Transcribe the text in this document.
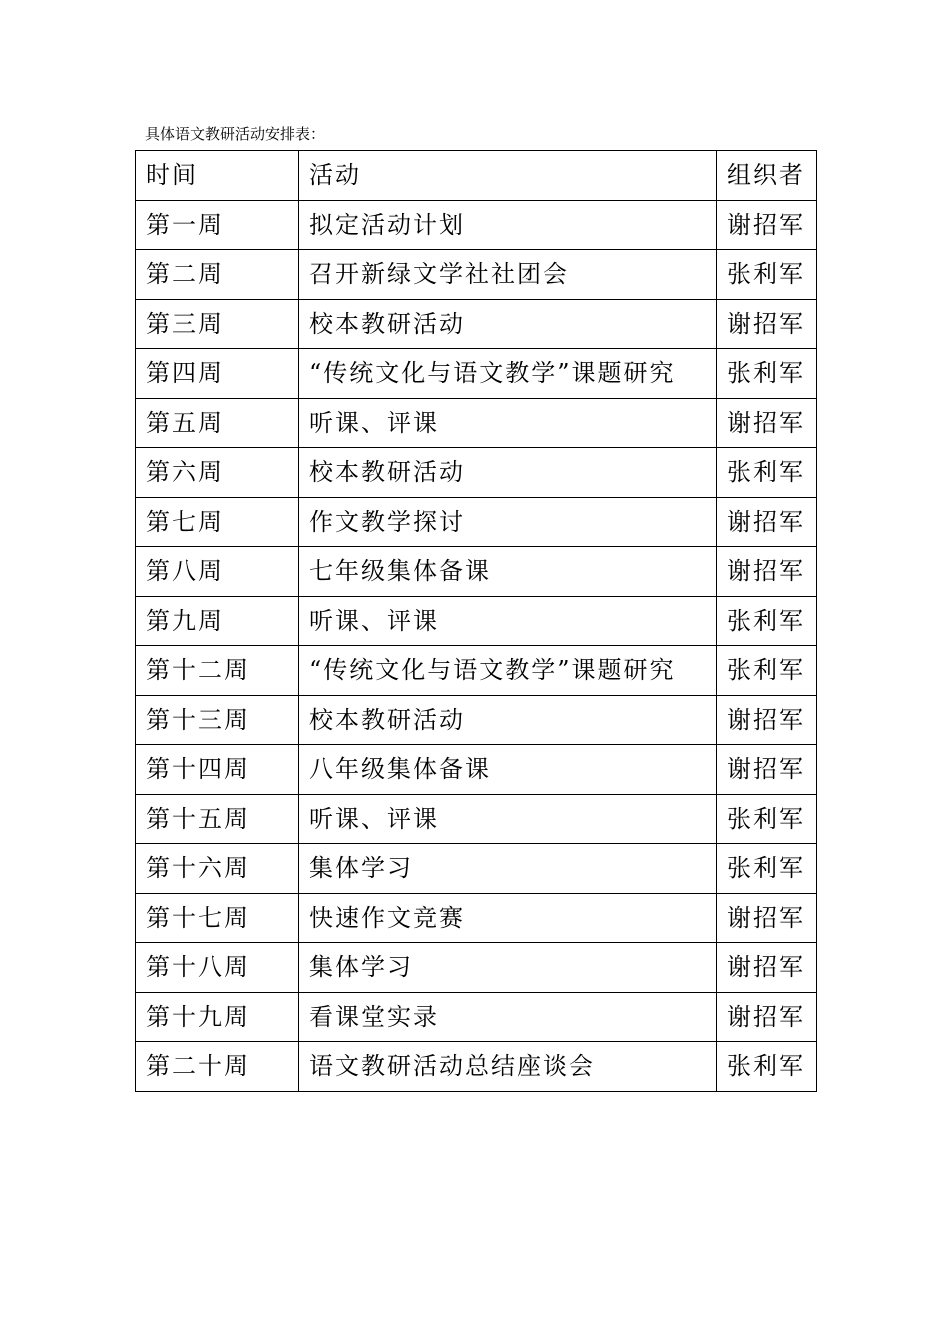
具体语文教研活动安排表：
时间	活动	组织者
第一周	拟定活动计划	谢招军
第二周	召开新绿文学社社团会	张利军
第三周	校本教研活动	谢招军
第四周	“传统文化与语文教学”课题研究	张利军
第五周	听课、评课	谢招军
第六周	校本教研活动	张利军
第七周	作文教学探讨	谢招军
第八周	七年级集体备课	谢招军
第九周	听课、评课	张利军
第十二周	“传统文化与语文教学”课题研究	张利军
第十三周	校本教研活动	谢招军
第十四周	八年级集体备课	谢招军
第十五周	听课、评课	张利军
第十六周	集体学习	张利军
第十七周	快速作文竞赛	谢招军
第十八周	集体学习	谢招军
第十九周	看课堂实录	谢招军
第二十周	语文教研活动总结座谈会	张利军
